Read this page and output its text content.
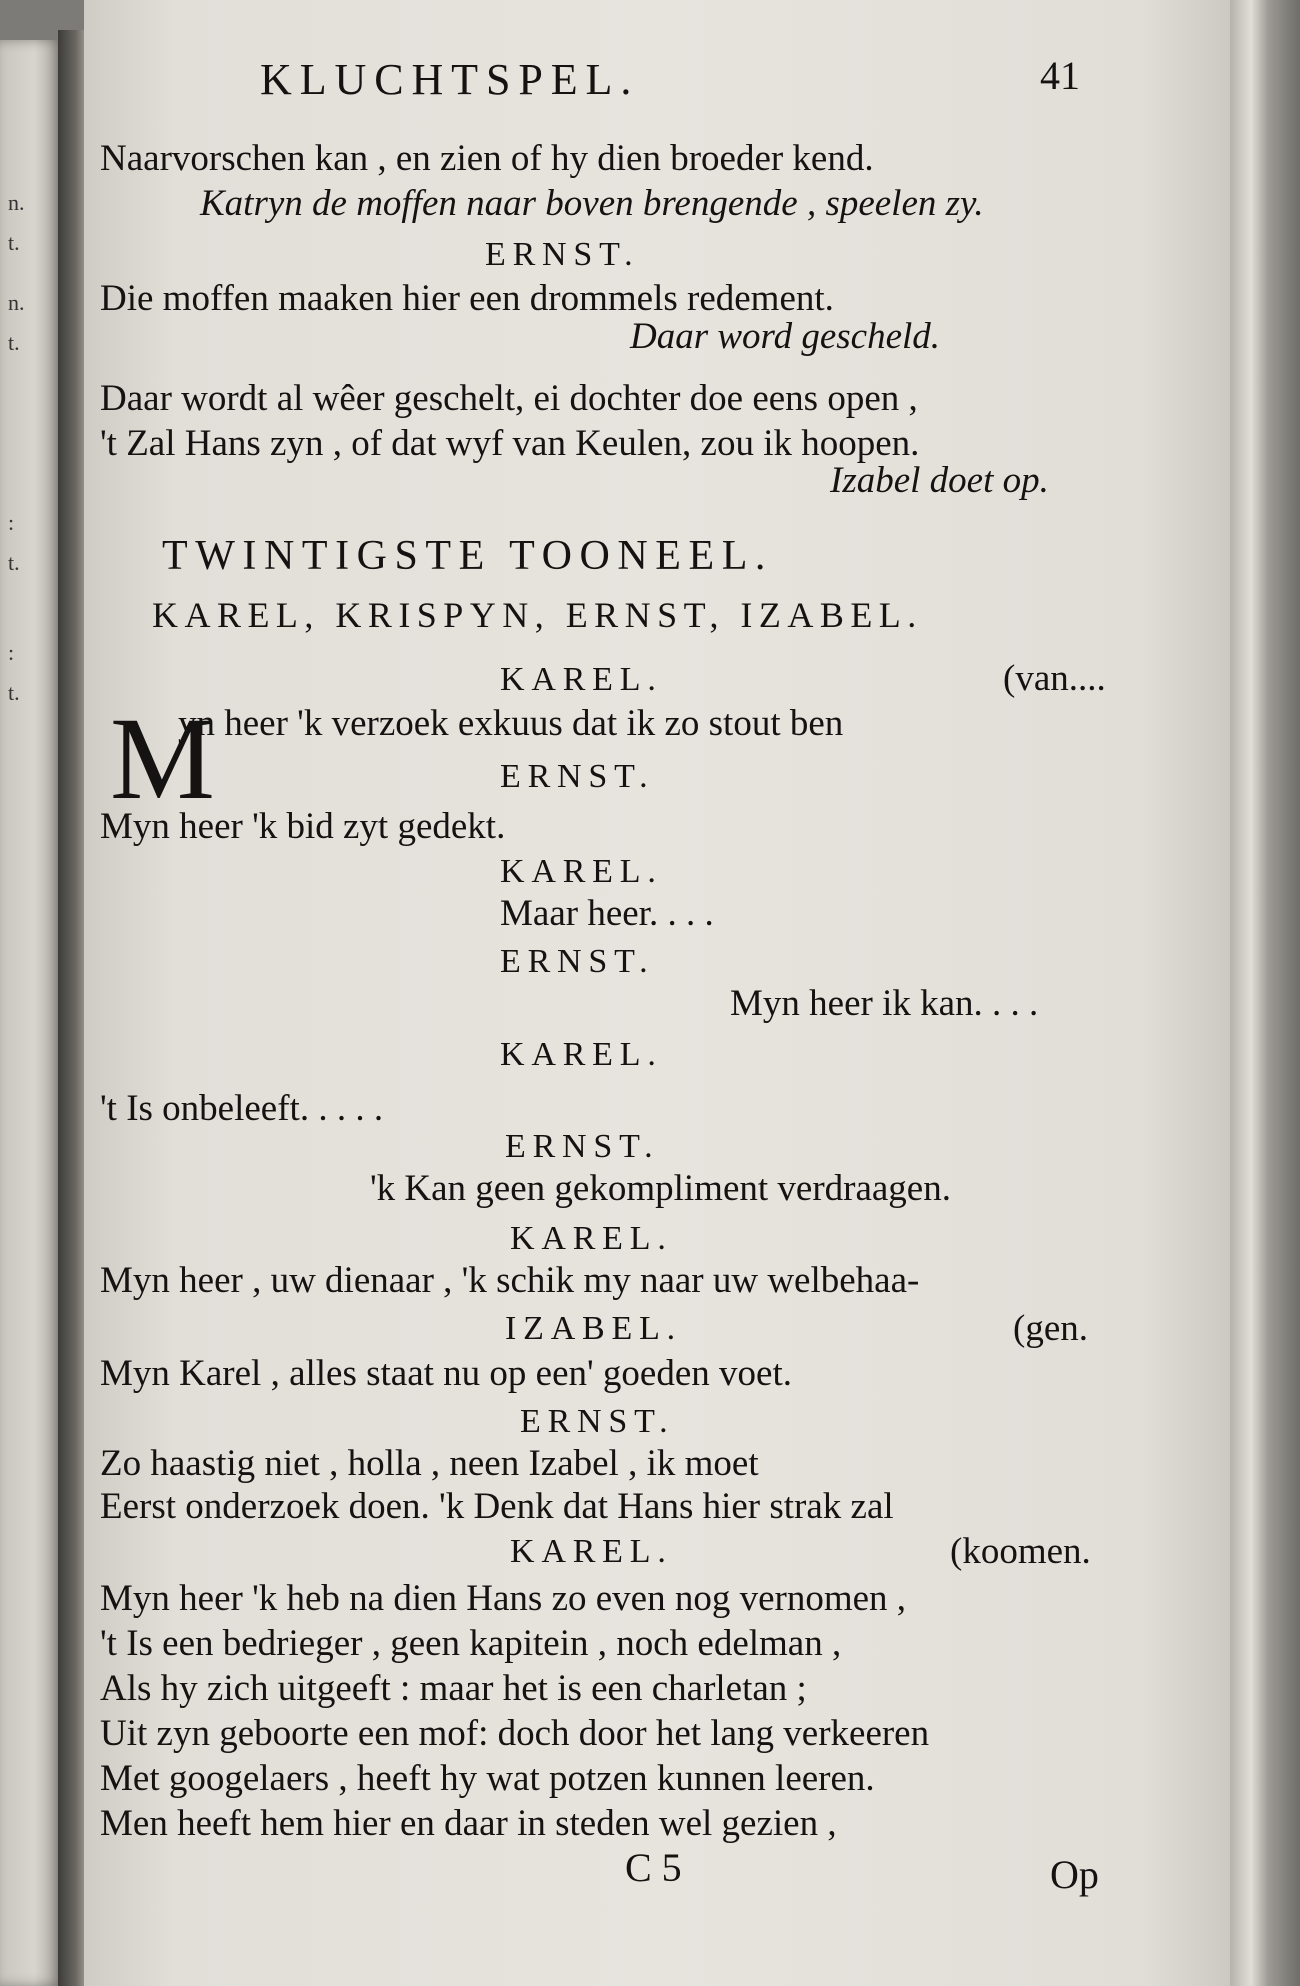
n.
t.
n.
t.
:
t.
:
t.
KLUCHTSPEL.	41
Naarvorschen kan , en zien of hy dien broeder kend.
Katryn de moffen naar boven brengende , speelen zy.
ERNST.
Die moffen maaken hier een drommels redement.
Daar word gescheld.
Daar wordt al wêer geschelt, ei dochter doe eens open ,
't Zal Hans zyn , of dat wyf van Keulen, zou ik hoopen.
Izabel doet op.
TWINTIGSTE TOONEEL.
KAREL, KRISPYN, ERNST, IZABEL.
KAREL.	(van....
M
yn heer 'k verzoek exkuus dat ik zo stout ben
ERNST.
Myn heer 'k bid zyt gedekt.
KAREL.
Maar heer. . . .
ERNST.
Myn heer ik kan. . . .
KAREL.
't Is onbeleeft. . . . .
ERNST.
'k Kan geen gekompliment verdraagen.
KAREL.
Myn heer , uw dienaar , 'k schik my naar uw welbehaa-
IZABEL.	(gen.
Myn Karel , alles staat nu op een' goeden voet.
ERNST.
Zo haastig niet , holla , neen Izabel , ik moet
Eerst onderzoek doen. 'k Denk dat Hans hier strak zal
KAREL.	(koomen.
Myn heer 'k heb na dien Hans zo even nog vernomen ,
't Is een bedrieger , geen kapitein , noch edelman ,
Als hy zich uitgeeft : maar het is een charletan ;
Uit zyn geboorte een mof: doch door het lang verkeeren
Met googelaers , heeft hy wat potzen kunnen leeren.
Men heeft hem hier en daar in steden wel gezien ,
C 5	Op
